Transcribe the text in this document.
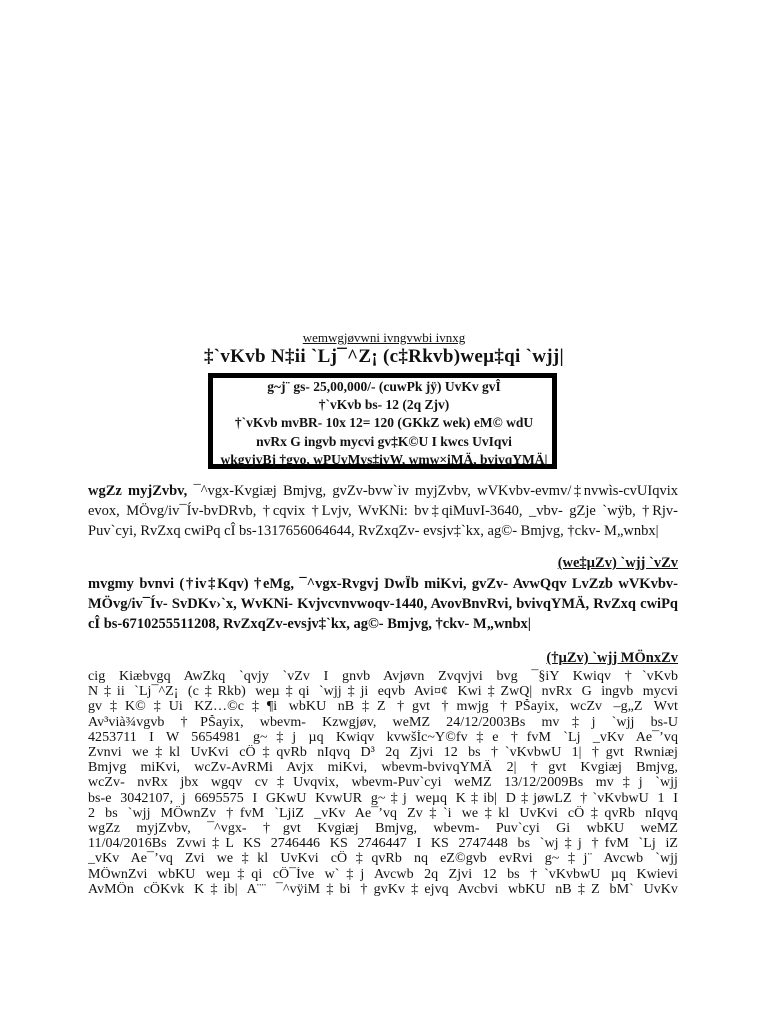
wemwgjøvwni ivngvwbi ivnxg
‡`vKvb N‡ii `Lj¯^Z¡ (c‡Rkvb)weµ‡qi `wjj|
g~j¨ gs- 25,00,000/- (cuwPk jÿ) UvKv gvÎ
†`vKvb bs- 12 (2q Zjv)
†`vKvb mvBR- 10x 12= 120 (GKkZ wek) eM© wdU
nvRx G ingvb mycvi gv‡K©U I kwcs UvIqvi
wkgyjvBj †gvo, wPUvMvs‡ivW, wmw×iMÄ, bvivqYMÄ|
wgZz myjZvbv, ¯^vgx-Kvgiæj Bmjvg, gvZv-bvw`iv myjZvbv, wVKvbv-evmv/‡nvwìs-cvUIqvix evox, MÖvg/iv¯Ív-bvDRvb, †cqvix †Lvjv, WvKNi: bv‡qiMuvI-3640, _vbv- gZje `wÿb, †Rjv- Puv`cyi, RvZxq cwiPq cÎ bs-1317656064644, RvZxqZv- evsjv‡`kx, ag©- Bmjvg, †ckv- M„wnbx|
(we‡µZv) `wjj `vZv
mvgmy bvnvi (†iv‡Kqv) †eMg, ¯^vgx-Rvgvj DwÏb miKvi, gvZv- AvwQqv LvZzb wVKvbv- MÖvg/iv¯Ív- SvDKv›`x, WvKNi- Kvjvcvnvwoqv-1440, AvovBnvRvi, bvivqYMÄ, RvZxq cwiPq cÎ bs-6710255511208, RvZxqZv-evsjv‡`kx, ag©- Bmjvg, †ckv- M„wnbx|
(†µZv) `wjj MÖnxZv
cig Kiæbvgq AwZkq `qvjy `vZv I gnvb Avjøvn Zvqvjvi bvg ¯§iY Kwiqv †`vKvb
N‡ii `Lj¯^Z¡ (c‡Rkb) weµ‡qi `wjj‡ji eqvb Avi¤¢ Kwi‡ZwQ| nvRx G ingvb mycvi
gv‡K©‡Ui KZ…©c‡¶i wbKU nB‡Z †gvt †mwjg †PŠayix, wcZv –g„Z Wvt
Av³vià¾vgvb †PŠayix, wbevm- Kzwgjøv, weMZ 24/12/2003Bs mv‡j `wjj bs-U
4253711 I W 5654981 g~‡j µq Kwiqv kvwšÍc~Y©fv‡e †fvM `Lj _vKv Ae¯’vq
Zvnvi we‡kl UvKvi cÖ‡qvRb nIqvq D³ 2q Zjvi 12 bs †`vKvbwU 1| †gvt Rwniæj
Bmjvg miKvi, wcZv-AvRMi Avjx miKvi, wbevm-bvivqYMÄ 2| †gvt Kvgiæj Bmjvg,
wcZv- nvRx jbx wgqv cv‡Uvqvix, wbevm-Puv`cyi weMZ 13/12/2009Bs mv‡j `wjj
bs-e 3042107, j 6695575 I GKwU KvwUR g~‡j weµq K‡ib| D‡jøwLZ †`vKvbwU 1 I
2 bs `wjj MÖwnZv †fvM `LjiZ _vKv Ae¯’vq Zv‡`i we‡kl UvKvi cÖ‡qvRb nIqvq
wgZz myjZvbv, ¯^vgx- †gvt Kvgiæj Bmjvg, wbevm- Puv`cyi Gi wbKU weMZ
11/04/2016Bs Zvwi‡L KS 2746446 KS 2746447 I KS 2747448 bs `wj‡j †fvM `Lj iZ
_vKv Ae¯’vq Zvi we‡kl UvKvi cÖ‡qvRb nq eZ©gvb evRvi g~‡j¨ Avcwb `wjj
MÖwnZvi wbKU weµ‡qi cÖ¯Íve w`‡j Avcwb 2q Zjvi 12 bs †`vKvbwU µq Kwievi
AvMÖn cÖKvk K‡ib| A¨¨ ¯^vÿiM‡bi †gvKv‡ejvq Avcbvi wbKU nB‡Z bM` UvKv
